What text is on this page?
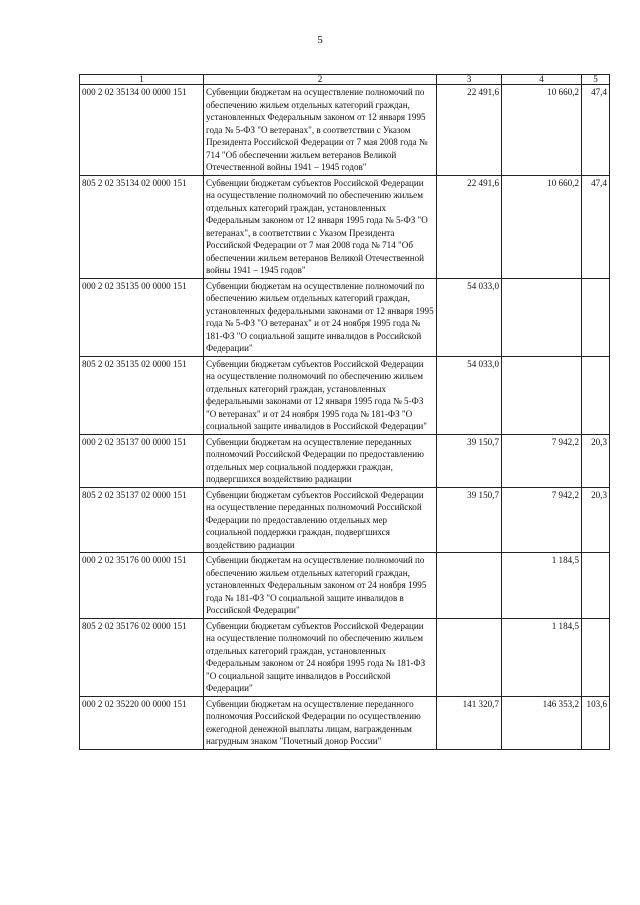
5
1	2	3	4	5
000 2 02 35134 00 0000 151	Субвенции бюджетам на осуществление полномочий по обеспечению жильем отдельных категорий граждан, установленных Федеральным законом от 12 января 1995 года № 5-ФЗ "О ветеранах", в соответствии с Указом Президента Российской Федерации от 7 мая 2008 года № 714 "Об обеспечении жильем ветеранов Великой Отечественной войны 1941 – 1945 годов"	22 491,6	10 660,2	47,4
805 2 02 35134 02 0000 151	Субвенции бюджетам субъектов Российской Федерации на осуществление полномочий по обеспечению жильем отдельных категорий граждан, установленных Федеральным законом от 12 января 1995 года № 5-ФЗ "О ветеранах", в соответствии с Указом Президента Российской Федерации от 7 мая 2008 года № 714 "Об обеспечении жильем ветеранов Великой Отечественной войны 1941 – 1945 годов"	22 491,6	10 660,2	47,4
000 2 02 35135 00 0000 151	Субвенции бюджетам на осуществление полномочий по обеспечению жильем отдельных категорий граждан, установленных федеральными законами от 12 января 1995 года № 5-ФЗ "О ветеранах" и от 24 ноября 1995 года № 181-ФЗ "О социальной защите инвалидов в Российской Федерации"	54 033,0		
805 2 02 35135 02 0000 151	Субвенции бюджетам субъектов Российской Федерации на осуществление полномочий по обеспечению жильем отдельных категорий граждан, установленных федеральными законами от 12 января 1995 года № 5-ФЗ "О ветеранах" и от 24 ноября 1995 года № 181-ФЗ "О социальной защите инвалидов в Российской Федерации"	54 033,0		
000 2 02 35137 00 0000 151	Субвенции бюджетам на осуществление переданных полномочий Российской Федерации по предоставлению отдельных мер социальной поддержки граждан, подвергшихся воздействию радиации	39 150,7	7 942,2	20,3
805 2 02 35137 02 0000 151	Субвенции бюджетам субъектов Российской Федерации на осуществление переданных полномочий Российской Федерации по предоставлению отдельных мер социальной поддержки граждан, подвергшихся воздействию радиации	39 150,7	7 942,2	20,3
000 2 02 35176 00 0000 151	Субвенции бюджетам на осуществление полномочий по обеспечению жильем отдельных категорий граждан, установленных Федеральным законом от 24 ноября 1995 года № 181-ФЗ "О социальной защите инвалидов в Российской Федерации"		1 184,5	
805 2 02 35176 02 0000 151	Субвенции бюджетам субъектов Российской Федерации на осуществление полномочий по обеспечению жильем отдельных категорий граждан, установленных Федеральным законом от 24 ноября 1995 года № 181-ФЗ "О социальной защите инвалидов в Российской Федерации"		1 184,5	
000 2 02 35220 00 0000 151	Субвенции бюджетам на осуществление переданного полномочия Российской Федерации по осуществлению ежегодной денежной выплаты лицам, награжденным нагрудным знаком "Почетный донор России"	141 320,7	146 353,2	103,6
